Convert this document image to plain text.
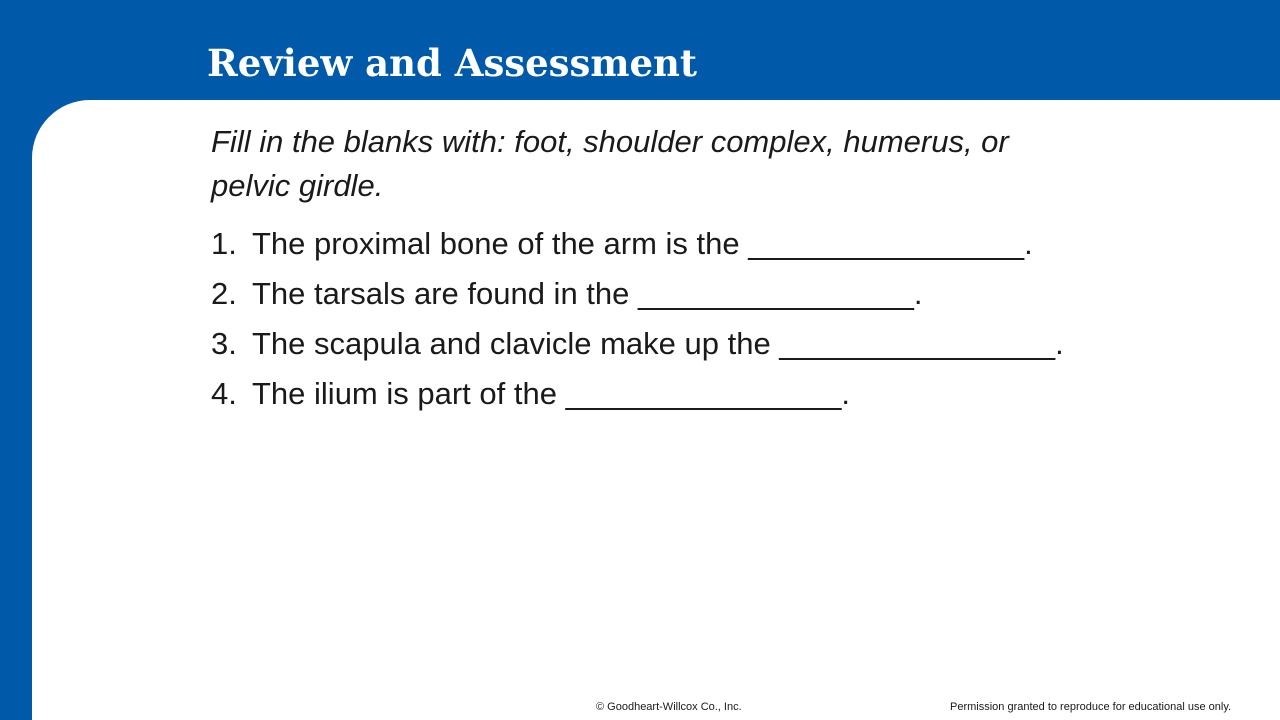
Review and Assessment

Fill in the blanks with: foot, shoulder complex, humerus, or pelvic girdle.

1. The proximal bone of the arm is the ________________.
2. The tarsals are found in the ________________.
3. The scapula and clavicle make up the ________________.
4. The ilium is part of the ________________.
© Goodheart-Willcox Co., Inc.	Permission granted to reproduce for educational use only.
